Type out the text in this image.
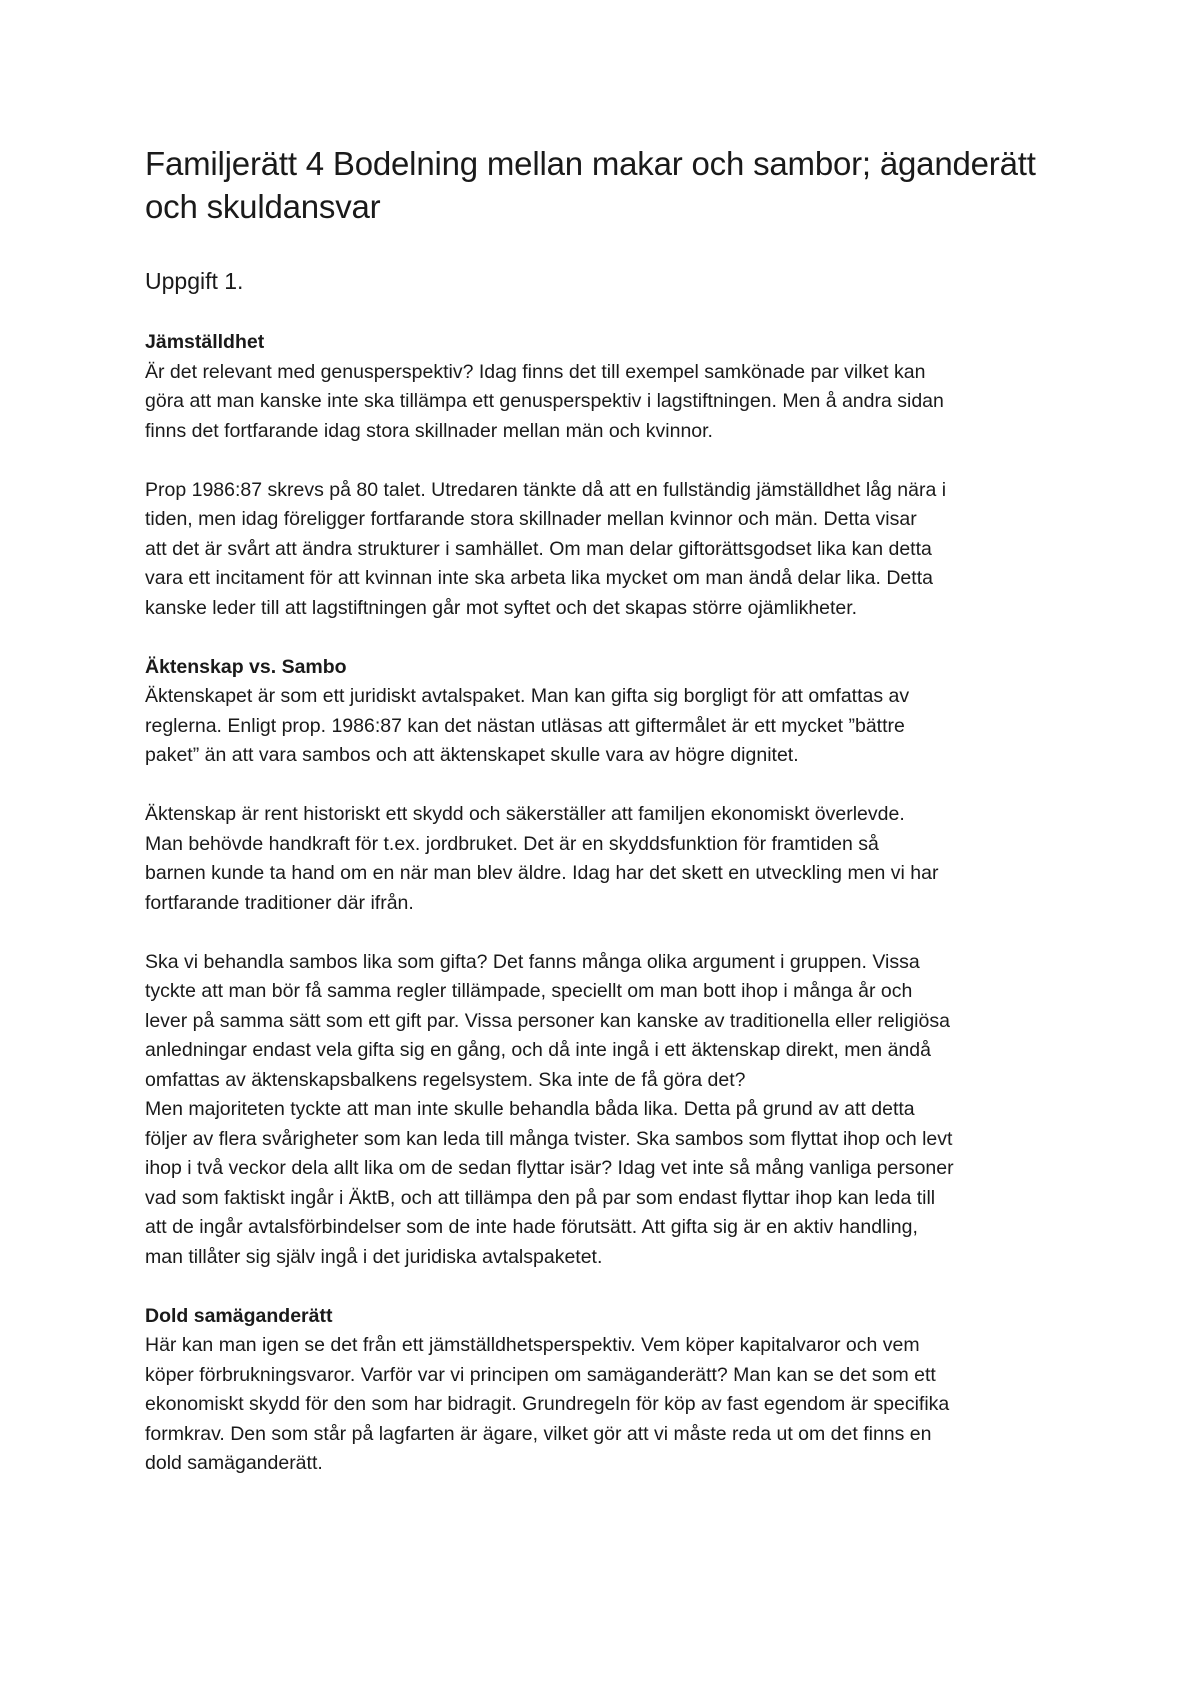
Familjerätt 4 Bodelning mellan makar och sambor; äganderätt
och skuldansvar
Uppgift 1.
Jämställdhet

Är det relevant med genusperspektiv? Idag finns det till exempel samkönade par vilket kan
göra att man kanske inte ska tillämpa ett genusperspektiv i lagstiftningen. Men å andra sidan
finns det fortfarande idag stora skillnader mellan män och kvinnor.

Prop 1986:87 skrevs på 80 talet. Utredaren tänkte då att en fullständig jämställdhet låg nära i
tiden, men idag föreligger fortfarande stora skillnader mellan kvinnor och män. Detta visar
att det är svårt att ändra strukturer i samhället. Om man delar giftorättsgodset lika kan detta
vara ett incitament för att kvinnan inte ska arbeta lika mycket om man ändå delar lika. Detta
kanske leder till att lagstiftningen går mot syftet och det skapas större ojämlikheter.

Äktenskap vs. Sambo

Äktenskapet är som ett juridiskt avtalspaket. Man kan gifta sig borgligt för att omfattas av
reglerna. Enligt prop. 1986:87 kan det nästan utläsas att giftermålet är ett mycket ”bättre
paket” än att vara sambos och att äktenskapet skulle vara av högre dignitet.

Äktenskap är rent historiskt ett skydd och säkerställer att familjen ekonomiskt överlevde.
Man behövde handkraft för t.ex. jordbruket. Det är en skyddsfunktion för framtiden så
barnen kunde ta hand om en när man blev äldre. Idag har det skett en utveckling men vi har
fortfarande traditioner där ifrån.

Ska vi behandla sambos lika som gifta? Det fanns många olika argument i gruppen. Vissa
tyckte att man bör få samma regler tillämpade, speciellt om man bott ihop i många år och
lever på samma sätt som ett gift par. Vissa personer kan kanske av traditionella eller religiösa
anledningar endast vela gifta sig en gång, och då inte ingå i ett äktenskap direkt, men ändå
omfattas av äktenskapsbalkens regelsystem. Ska inte de få göra det?
Men majoriteten tyckte att man inte skulle behandla båda lika. Detta på grund av att detta
följer av flera svårigheter som kan leda till många tvister. Ska sambos som flyttat ihop och levt
ihop i två veckor dela allt lika om de sedan flyttar isär? Idag vet inte så mång vanliga personer
vad som faktiskt ingår i ÄktB, och att tillämpa den på par som endast flyttar ihop kan leda till
att de ingår avtalsförbindelser som de inte hade förutsätt. Att gifta sig är en aktiv handling,
man tillåter sig själv ingå i det juridiska avtalspaketet.

Dold samäganderätt

Här kan man igen se det från ett jämställdhetsperspektiv. Vem köper kapitalvaror och vem
köper förbrukningsvaror. Varför var vi principen om samäganderätt? Man kan se det som ett
ekonomiskt skydd för den som har bidragit. Grundregeln för köp av fast egendom är specifika
formkrav. Den som står på lagfarten är ägare, vilket gör att vi måste reda ut om det finns en
dold samäganderätt.
